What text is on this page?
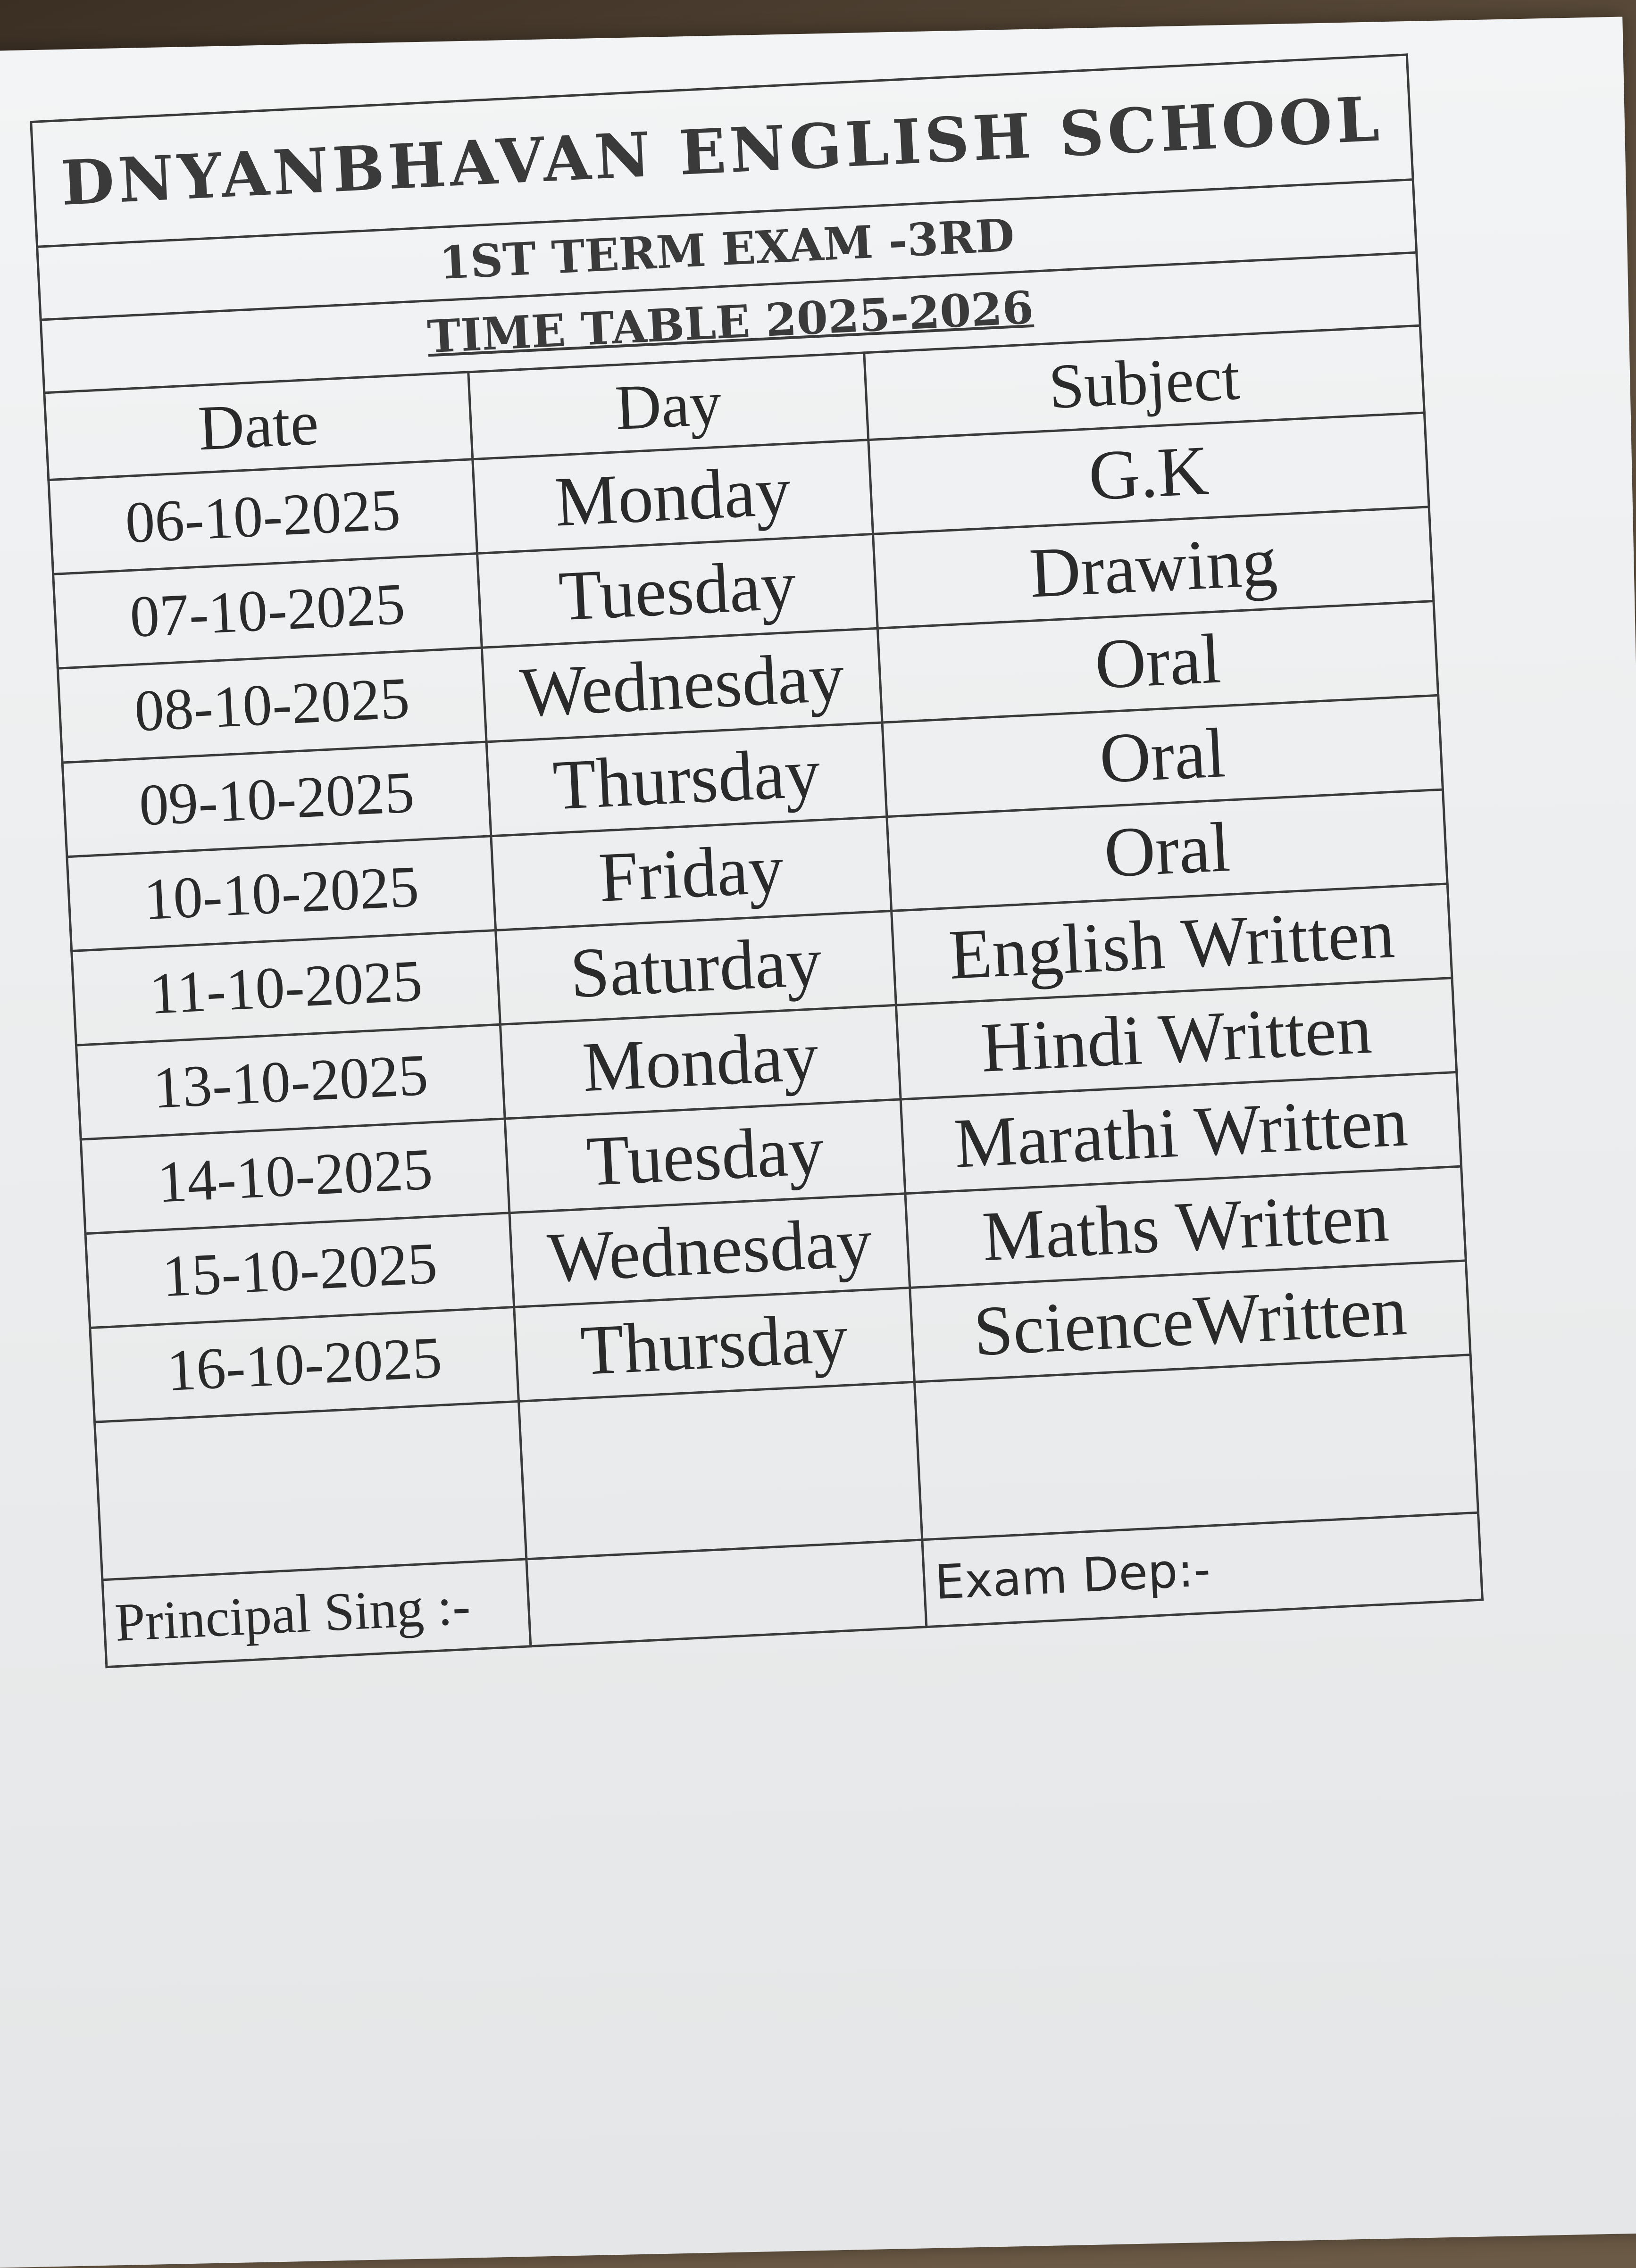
DNYANBHAVAN ENGLISH SCHOOL		
1ST TERM EXAM -3RD		
TIME TABLE 2025-2026		
Date	Day	Subject
06-10-2025	Monday	G.K
07-10-2025	Tuesday	Drawing
08-10-2025	Wednesday	Oral
09-10-2025	Thursday	Oral
10-10-2025	Friday	Oral
11-10-2025	Saturday	English Written
13-10-2025	Monday	Hindi Written
14-10-2025	Tuesday	Marathi Written
15-10-2025	Wednesday	Maths Written
16-10-2025	Thursday	ScienceWritten

Principal Sing :-		Exam Dep:-
